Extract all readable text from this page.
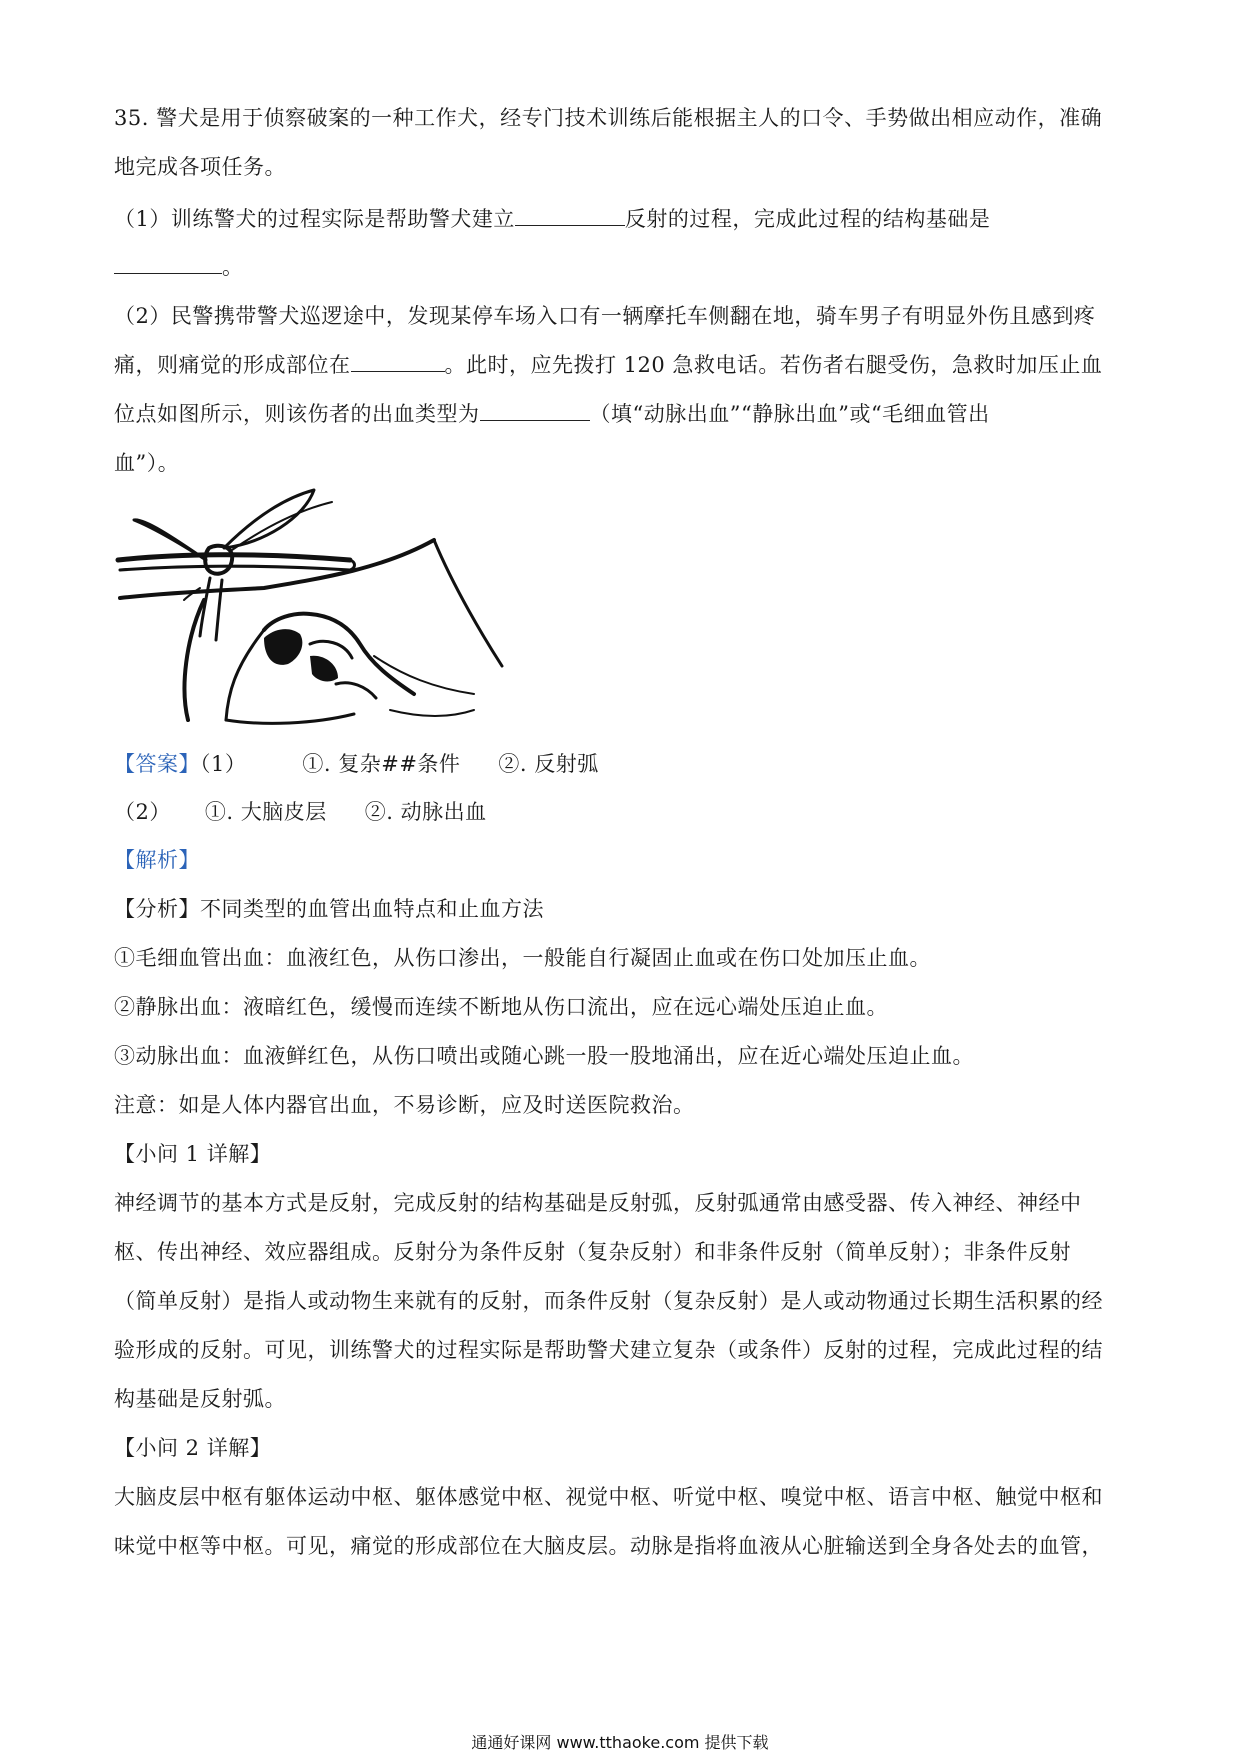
35. 警犬是用于侦察破案的一种工作犬，经专门技术训练后能根据主人的口令、手势做出相应动作，准确
地完成各项任务。
（1）训练警犬的过程实际是帮助警犬建立	反射的过程，完成此过程的结构基础是
。
（2）民警携带警犬巡逻途中，发现某停车场入口有一辆摩托车侧翻在地，骑车男子有明显外伤且感到疼
痛，则痛觉的形成部位在	。此时，应先拨打 120 急救电话。若伤者右腿受伤，急救时加压止血
位点如图所示，则该伤者的出血类型为	（填“动脉出血”“静脉出血”或“毛细血管出
血”）。
【答案】（1）	①. 复杂##条件 ②. 反射弧
（2） ①. 大脑皮层 ②. 动脉出血
【解析】
【分析】不同类型的血管出血特点和止血方法
①毛细血管出血：血液红色，从伤口渗出，一般能自行凝固止血或在伤口处加压止血。
②静脉出血：液暗红色，缓慢而连续不断地从伤口流出，应在远心端处压迫止血。
③动脉出血：血液鲜红色，从伤口喷出或随心跳一股一股地涌出，应在近心端处压迫止血。
注意：如是人体内器官出血，不易诊断，应及时送医院救治。
【小问 1 详解】
神经调节的基本方式是反射，完成反射的结构基础是反射弧，反射弧通常由感受器、传入神经、神经中
枢、传出神经、效应器组成。反射分为条件反射（复杂反射）和非条件反射（简单反射）；非条件反射
（简单反射）是指人或动物生来就有的反射，而条件反射（复杂反射）是人或动物通过长期生活积累的经
验形成的反射。可见，训练警犬的过程实际是帮助警犬建立复杂（或条件）反射的过程，完成此过程的结
构基础是反射弧。
【小问 2 详解】
大脑皮层中枢有躯体运动中枢、躯体感觉中枢、视觉中枢、听觉中枢、嗅觉中枢、语言中枢、触觉中枢和
味觉中枢等中枢。可见，痛觉的形成部位在大脑皮层。动脉是指将血液从心脏输送到全身各处去的血管，
通通好课网 www.tthaoke.com 提供下载
